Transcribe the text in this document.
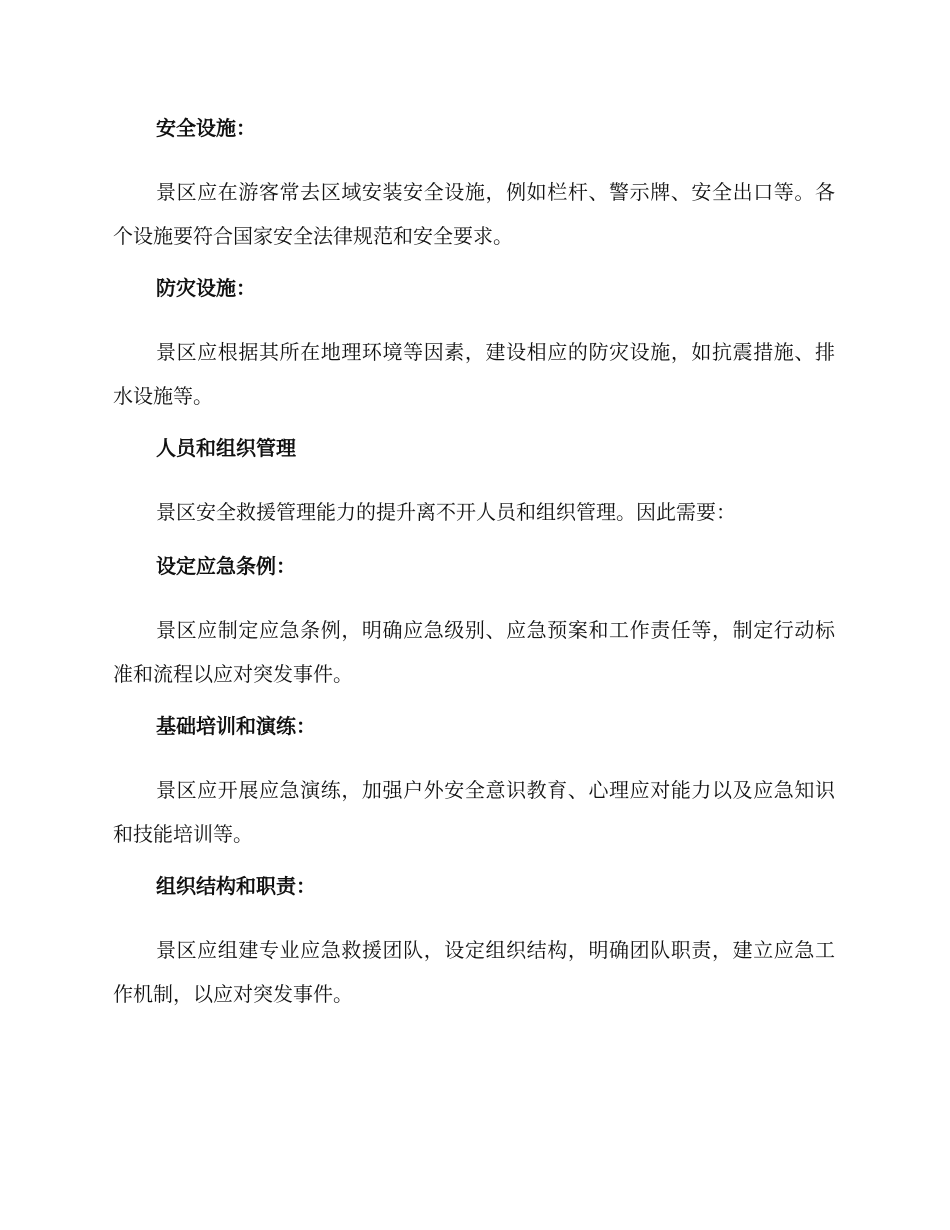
安全设施：

景区应在游客常去区域安装安全设施，例如栏杆、警示牌、安全出口等。各个设施要符合国家安全法律规范和安全要求。

防灾设施：

景区应根据其所在地理环境等因素，建设相应的防灾设施，如抗震措施、排水设施等。

人员和组织管理

景区安全救援管理能力的提升离不开人员和组织管理。因此需要：

设定应急条例：

景区应制定应急条例，明确应急级别、应急预案和工作责任等，制定行动标准和流程以应对突发事件。

基础培训和演练：

景区应开展应急演练，加强户外安全意识教育、心理应对能力以及应急知识和技能培训等。

组织结构和职责：

景区应组建专业应急救援团队，设定组织结构，明确团队职责，建立应急工作机制，以应对突发事件。
